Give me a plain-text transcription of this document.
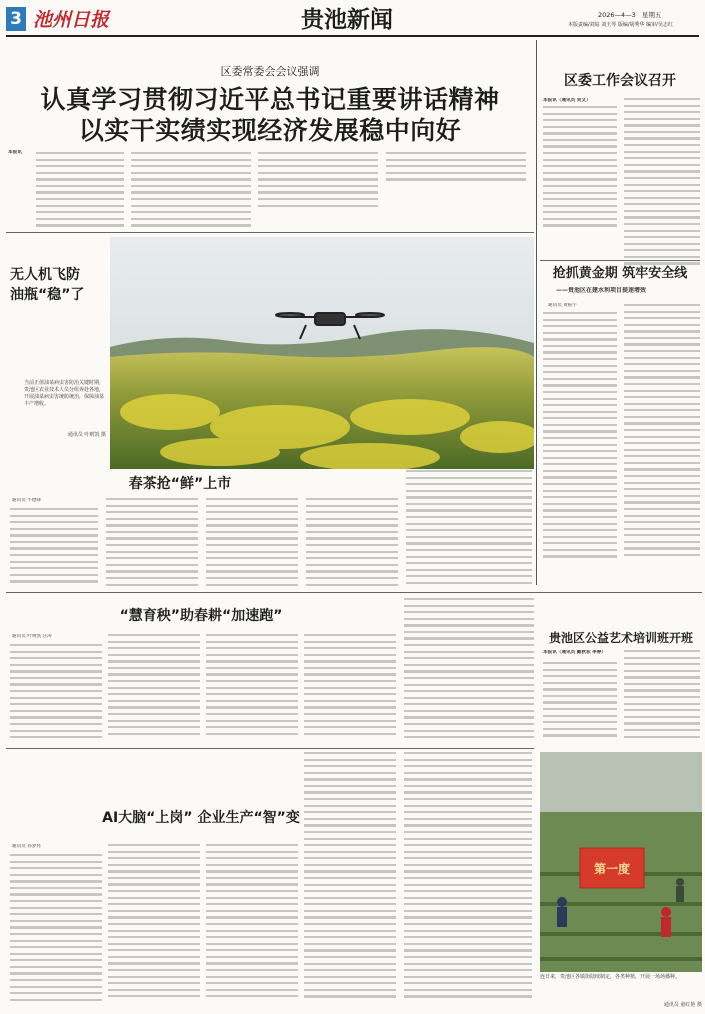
3 池州日报	贵池新闻	2026—4—3 星期五
本版责编/刘姑 刘玉琴 版编/胡秀华 编审/吴志红
区委常委会会议强调
认真学习贯彻习近平总书记重要讲话精神
以实干实绩实现经济发展稳中向好
本报讯
区委工作会议召开
本报讯（通讯员 吴文）
无人机飞防
油瓶“稳”了
当前正值油菜病虫害防治关键时期，贵池区农业技术人员分组奔赴各地，开展油菜病虫害统防统治，保障油菜丰产增收。
通讯员 叶则凯 摄
抢抓黄金期 筑牢安全线
——贵池区在建水利项目提速增效
通讯员 黄振宇
春茶抢“鲜”上市
通讯员 牛德锋
“慧育秧”助春耕“加速跑”
通讯员 叶则凯 汪涛	贵池区公益艺术培训班开班
本报讯（通讯员 戴秋菲 李婷）
AI大脑“上岗” 企业生产“智”变
通讯员 孙梦亮
第一度
连日来，贵池区各镇街陆续制定，各类种植，开展一场场播种。
通讯员 童红艳 摄
